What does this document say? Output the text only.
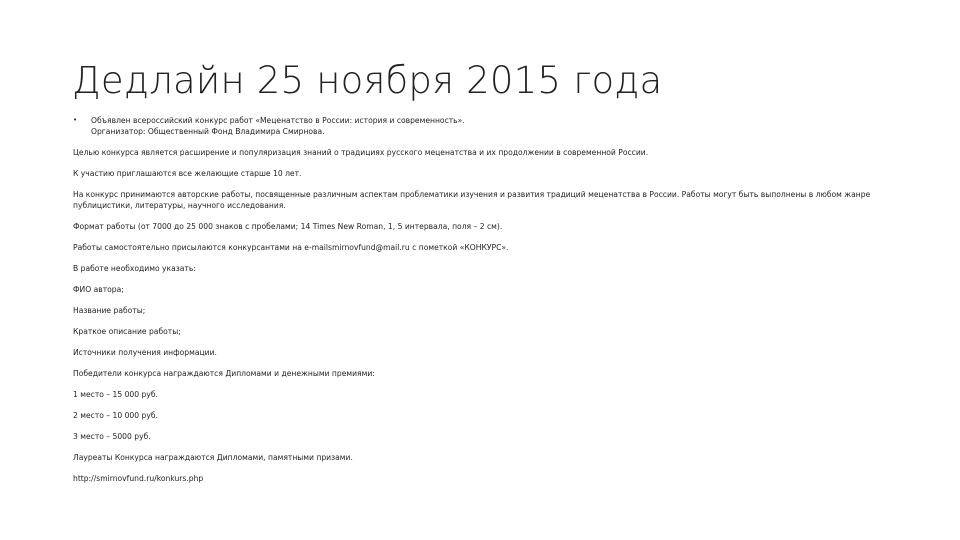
Дедлайн 25 ноября 2015 года
•	Объявлен всероссийский конкурс работ «Меценатство в России: история и современность».
Организатор: Общественный Фонд Владимира Смирнова.

Целью конкурса является расширение и популяризация знаний о традициях русского меценатства и их продолжении в современной России.

К участию приглашаются все желающие старше 10 лет.

На конкурс принимаются авторские работы, посвященные различным аспектам проблематики изучения и развития традиций меценатства в России. Работы могут быть выполнены в любом жанре публицистики, литературы, научного исследования.

Формат работы (от 7000 до 25 000 знаков с пробелами; 14 Times New Roman, 1, 5 интервала, поля – 2 см).

Работы самостоятельно присылаются конкурсантами на e-mailsmirnovfund@mail.ru с пометкой «КОНКУРС».

В работе необходимо указать:

ФИО автора;

Название работы;

Краткое описание работы;

Источники получения информации.

Победители конкурса награждаются Дипломами и денежными премиями:

1 место – 15 000 руб.

2 место – 10 000 руб.

3 место – 5000 руб.

Лауреаты Конкурса награждаются Дипломами, памятными призами.

http://smirnovfund.ru/konkurs.php
